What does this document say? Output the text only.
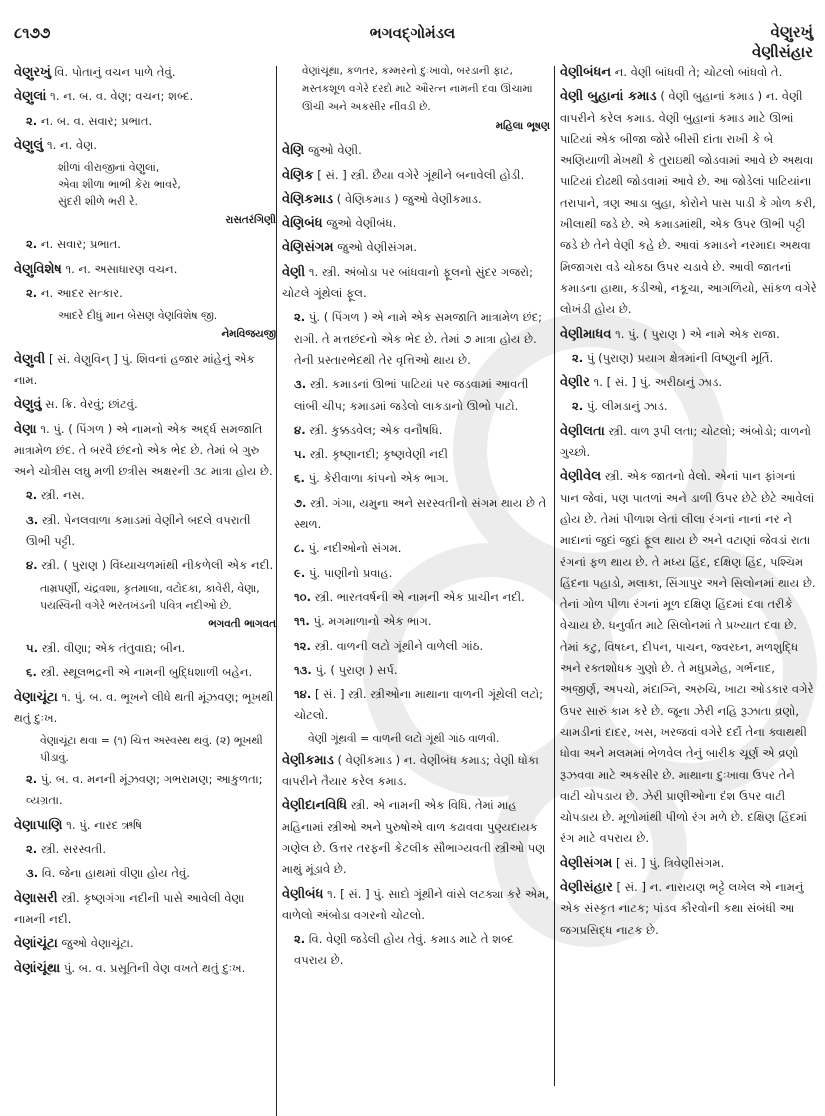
૮૧૭૭	ભગવદ્ગોમંડલ	વેણુરખું
વેણીસંહાર
વેણુરખું વિ. પોતાનું વચન પાળે તેવું.
વેણુલાં ૧. ન. બ. વ. વેણ; વચન; શબ્દ.
૨. ન. બ. વ. સવાર; પ્રભાત.
વેણુલું ૧. ન. વેણ.
શીળાં વીરાજીનાં વેણુલાં,
એવા શીળા ભાભી કેરા ભાવરે,
સુંદરી શીળે ભરી રે.
રાસતરંગિણી
૨. ન. સવાર; પ્રભાત.
વેણુવિશેષ ૧. ન. અસાધારણ વચન.
૨. ન. આદર સત્કાર.
આદરે દીધું માન બેસણ વેણવિશેષ જી.
નેમવિજયજી
વેણુવી [ સં. વેણુવિન્ ] પું. શિવનાં હજાર માંહેનું એક નામ.
વેણુવું સ. ક્રિ. વેરવું; છાંટવું.
વેણા ૧. પું. ( પિંગળ ) એ નામનો એક અર્દ્ધ સમજાતિ માત્રામેળ છંદ. તે બરવૈ છંદનો એક ભેદ છે. તેમાં બે ગુરુ અને ચોત્રીસ લઘુ મળી છત્રીસ અક્ષરની ૩૮ માત્રા હોય છે.
૨. સ્ત્રી. નસ.
૩. સ્ત્રી. પેનલવાળા કમાડમાં વેણીને બદલે વપરાતી ઊભી પટ્ટી.
૪. સ્ત્રી. ( પુરાણ ) વિંધ્યાચળમાંથી નીકળેલી એક નદી.
તામ્રપર્ણી, ચંદ્રવશા, કૃતમાલા, વટોદકા, કાવેરી, વેણા, પયસ્વિની વગેરે ભરતખંડની પવિત્ર નદીઓ છે.
ભગવતી ભાગવત
૫. સ્ત્રી. વીણા; એક તંતુવાદ્ય; બીન.
૬. સ્ત્રી. સ્થૂલભદ્રની એ નામની બુદ્ધિશાળી બહેન.
વેણાચૂંટા ૧. પું. બ. વ. ભૂખને લીધે થતી મૂંઝવણ; ભૂખથી થતું દુઃખ.
વેણાચૂંટા થવા = (૧) ચિત્ત અસ્વસ્થ થવું. (૨) ભૂખથી પીડાવું.
૨. પું. બ. વ. મનની મૂંઝવણ; ગભરામણ; આકુળતા; વ્યગ્રતા.
વેણાપાણિ ૧. પું. નારદ ઋષિ
૨. સ્ત્રી. સરસ્વતી.
૩. વિ. જેના હાથમાં વીણા હોય તેવું.
વેણાસરી સ્ત્રી. કૃષ્ણગંગા નદીની પાસે આવેલી વેણા નામની નદી.
વેણાંચૂંટા જુઓ વેણાચૂંટા.
વેણાંચૂંથા પું. બ. વ. પ્રસૂતિની વેણ વખતે થતું દુઃખ.
વેણાંચૂંથા, કળતર, કમ્મરનો દુઃખાવો, બરડાની ફાટ, મસ્તકશૂળ વગેરે દરદો માટે ઔરત્ન નામની દવા ઊંચામાં ઊંચી અને અકસીર નીવડી છે.
મહિલા ભૂષણ
વેણિ જુઓ વેણી.
વેણિક [ સં. ] સ્ત્રી. છૈયા વગેરે ગૂંથીને બનાવેલી હોડી.
વેણિકમાડ ( વેણિકમાડ ) જુઓ વેણીકમાડ.
વેણિબંધ જુઓ વેણીબંધ.
વેણિસંગમ જુઓ વેણીસંગમ.
વેણી ૧. સ્ત્રી. અંબોડા પર બાંધવાનો ફૂલનો સુંદર ગજરો; ચોટલે ગૂંથેલાં ફૂલ.
૨. પું. ( પિંગળ ) એ નામે એક સમજાતિ માત્રામેળ છંદ; રાગી. તે મત્તછંદનો એક ભેદ છે. તેમાં ૭ માત્રા હોય છે. તેની પ્રસ્તારભેદથી તેર વૃત્તિઓ થાય છે.
૩. સ્ત્રી. કમાડનાં ઊભાં પાટિયાં પર જડવામાં આવતી લાંબી ચીપ; કમાડમાં જડેલો લાકડાનો ઊભો પાટો.
૪. સ્ત્રી. કુક્કડવેલ; એક વનૌષધિ.
૫. સ્ત્રી. કૃષ્ણાનદી; કૃષ્ણવેણી નદી
૬. પું. કેરીવાળા કાંપનો એક ભાગ.
૭. સ્ત્રી. ગંગા, યમુના અને સરસ્વતીનો સંગમ થાય છે તે સ્થળ.
૮. પું. નદીઓનો સંગમ.
૯. પું. પાણીનો પ્રવાહ.
૧૦. સ્ત્રી. ભારતવર્ષની એ નામની એક પ્રાચીન નદી.
૧૧. પું. મગમાળાનો એક ભાગ.
૧૨. સ્ત્રી. વાળની લટો ગૂંથીને વાળેલી ગાંઠ.
૧૩. પું. ( પુરાણ ) સર્પ.
૧૪. [ સં. ] સ્ત્રી. સ્ત્રીઓના માથાના વાળની ગૂંથેલી લટો; ચોટલો.
વેણી ગૂંથવી = વાળની લટો ગૂંથી ગાંઠ વાળવી.
વેણીકમાડ ( વેણીકમાડ ) ન. વેણીબંધ કમાડ; વેણી ધોકા વાપરીને તૈયાર કરેલ કમાડ.
વેણીદાનવિધિ સ્ત્રી. એ નામની એક વિધિ. તેમાં માહ મહિનામાં સ્ત્રીઓ અને પુરુષોએ વાળ કઢાવવા પુણ્યદાયક ગણેલ છે. ઉત્તર તરફની કેટલીક સૌભાગ્યવતી સ્ત્રીઓ પણ માથું મૂંડાવે છે.
વેણીબંધ ૧. [ સં. ] પું. સાદો ગૂંથીને વાંસે લટક્યા કરે એમ, વાળેલો અંબોડા વગરનો ચોટલો.
૨. વિ. વેણી જડેલી હોય તેવું. કમાડ માટે તે શબ્દ વપરાય છે.
વેણીબંધન ન. વેણી બાંધવી તે; ચોટલો બાંધવો તે.
વેણી બુહાનાં કમાડ ( વેણી બુહાનાં કમાડ ) ન. વેણી વાપરીને કરેલ કમાડ. વેણી બુહાનાં કમાડ માટે ઊભાં પાટિયાં એક બીજા જોરે બીસી દાંતા રાખી કે બે અણિયાળી મેખથી કે તુરાઇથી જોડવામાં આવે છે અથવા પાટિયાં દોઢથી જોડવામાં આવે છે. આ જોડેલાં પાટિયાંના તરાપાને, ત્રણ આડા બુહા, કોરોને પાસ પાડી કે ગોળ કરી, ખીલાથી જડે છે. એ કમાડમાંથી, એક ઉપર ઊભી પટ્ટી જડે છે તેને વેણી કહે છે. આવાં કમાડને નરમાદા અથવા મિજાગરા વડે ચોકઠા ઉપર ચડાવે છે. આવી જાતનાં કમાડના હાથા, કડીઓ, નકૂચા, આગળિયો, સાંકળ વગેરે લોખંડી હોય છે.
વેણીમાધવ ૧. પું. ( પુરાણ ) એ નામે એક રાજા.
૨. પું (પુરાણ) પ્રયાગ ક્ષેત્રમાંની વિષ્ણુની મૂર્તિ.
વેણીર ૧. [ સં. ] પું. અરીઠાનું ઝાડ.
૨. પું. લીમડાનું ઝાડ.
વેણીલતા સ્ત્રી. વાળ રૂપી લતા; ચોટલો; અંબોડો; વાળનો ગુચ્છો.
વેણીવેલ સ્ત્રી. એક જાતનો વેલો. એનાં પાન ફાંગનાં પાન જેવાં, પણ પાતળાં અને ડાળી ઉપર છેટે છેટે આવેલાં હોય છે. તેમાં પીળાશ લેતાં લીલા રંગનાં નાનાં નર ને માદાનાં જુદાં જુદાં ફૂલ થાય છે અને વટાણાં જેવડાં રાતા રંગનાં ફળ થાય છે. તે મધ્ય હિંદ, દક્ષિણ હિંદ, પશ્ચિમ હિંદના પહાડો, મલાકા, સિંગાપુર અને સિલોનમાં થાય છે. તેનાં ગોળ પીળા રંગનાં મૂળ દક્ષિણ હિંદમાં દવા તરીકે વેચાય છે. ધનુર્વાત માટે સિલોનમાં તે પ્રખ્યાત દવા છે. તેમાં કટુ, વિષઘ્ન, દીપન, પાચન, જ્વરઘ્ન, મળશુદ્ધિ અને રક્તશોધક ગુણો છે. તે મધુપ્રમેહ, ગર્ભનાદ, અજીર્ણ, અપચો, મંદાગ્નિ, અરુચિ, ખાટા ઓડકાર વગેરે ઉપર સારું કામ કરે છે. જૂના ઝેરી નહિ રૂઝાતા વ્રણો, ચામડીનાં દાદર, ખસ, ખરજવાં વગેરે દર્દો તેના ક્વાથથી ધોવા અને મલમમાં ભેળવેલ તેનું બારીક ચૂર્ણ એ વ્રણો રૂઝવવા માટે અકસીર છે. માથાના દુઃખાવા ઉપર તેને વાટી ચોપડાય છે. ઝેરી પ્રાણીઓના દંશ ઉપર વાટી ચોપડાય છે. મૂળોમાંથી પીળો રંગ મળે છે. દક્ષિણ હિંદમાં રંગ માટે વપરાય છે.
વેણીસંગમ [ સં. ] પું. ત્રિવેણીસંગમ.
વેણીસંહાર [ સં. ] ન. નારાયણ ભટ્ટે લખેલ એ નામનું એક સંસ્કૃત નાટક; પાંડવ કૌરવોની કથા સંબંધી આ જગપ્રસિદ્ધ નાટક છે.
